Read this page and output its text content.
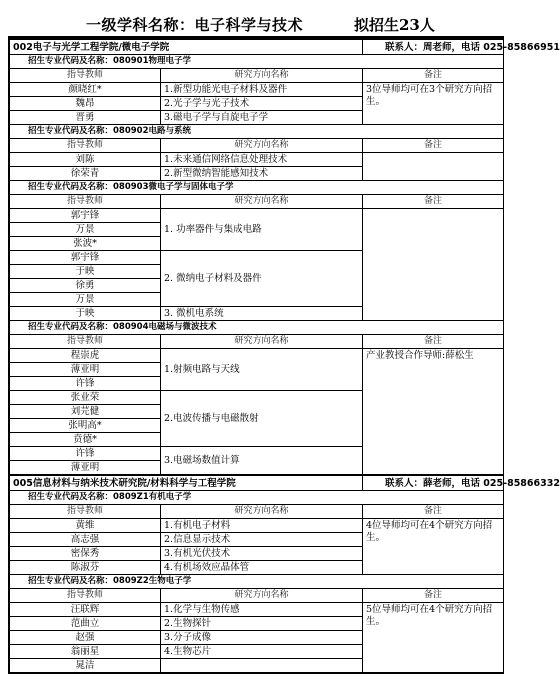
一级学科名称：电子科学与技术	拟招生23人
002电子与光学工程学院/微电子学院		联系人：周老师，电话 025-85866951
招生专业代码及名称：080901物理电子学		
指导教师	研究方向名称	备注
颜晓红*	1.新型功能光电子材料及器件	3位导师均可在3个研究方向招生。
魏昂	2.光子学与光子技术	
晋勇	3.磁电子学与自旋电子学	
招生专业代码及名称：080902电路与系统		
指导教师	研究方向名称	备注
刘陈	1.未来通信网络信息处理技术	
徐荣青	2.新型微纳智能感知技术	
招生专业代码及名称：080903微电子学与固体电子学		
指导教师	研究方向名称	备注
郭宇锋	1. 功率器件与集成电路	
万景		
张波*		
郭宇锋	2. 微纳电子材料及器件	
于映		
徐勇		
万景		
于映	3. 微机电系统	
招生专业代码及名称：080904电磁场与微波技术		
指导教师	研究方向名称	备注
程崇虎	1.射频电路与天线	产业教授合作导师:薛松生
薄亚明		
许锋		
张业荣	2.电波传播与电磁散射	
刘芫健		
张明高*		
贲德*		
许锋	3.电磁场数值计算	
薄亚明		
005信息材料与纳米技术研究院/材料科学与工程学院		联系人：薛老师，电话 025-85866332
招生专业代码及名称：0809Z1有机电子学		
指导教师	研究方向名称	备注
黄维	1.有机电子材料	4位导师均可在4个研究方向招生。
高志强	2.信息显示技术	
密保秀	3.有机光伏技术	
陈淑芬	4.有机场效应晶体管	
招生专业代码及名称：0809Z2生物电子学		
指导教师	研究方向名称	备注
汪联辉	1.化学与生物传感	5位导师均可在4个研究方向招生。
范曲立	2.生物探针	
赵强	3.分子成像	
翁丽星	4.生物芯片	
晁洁		
